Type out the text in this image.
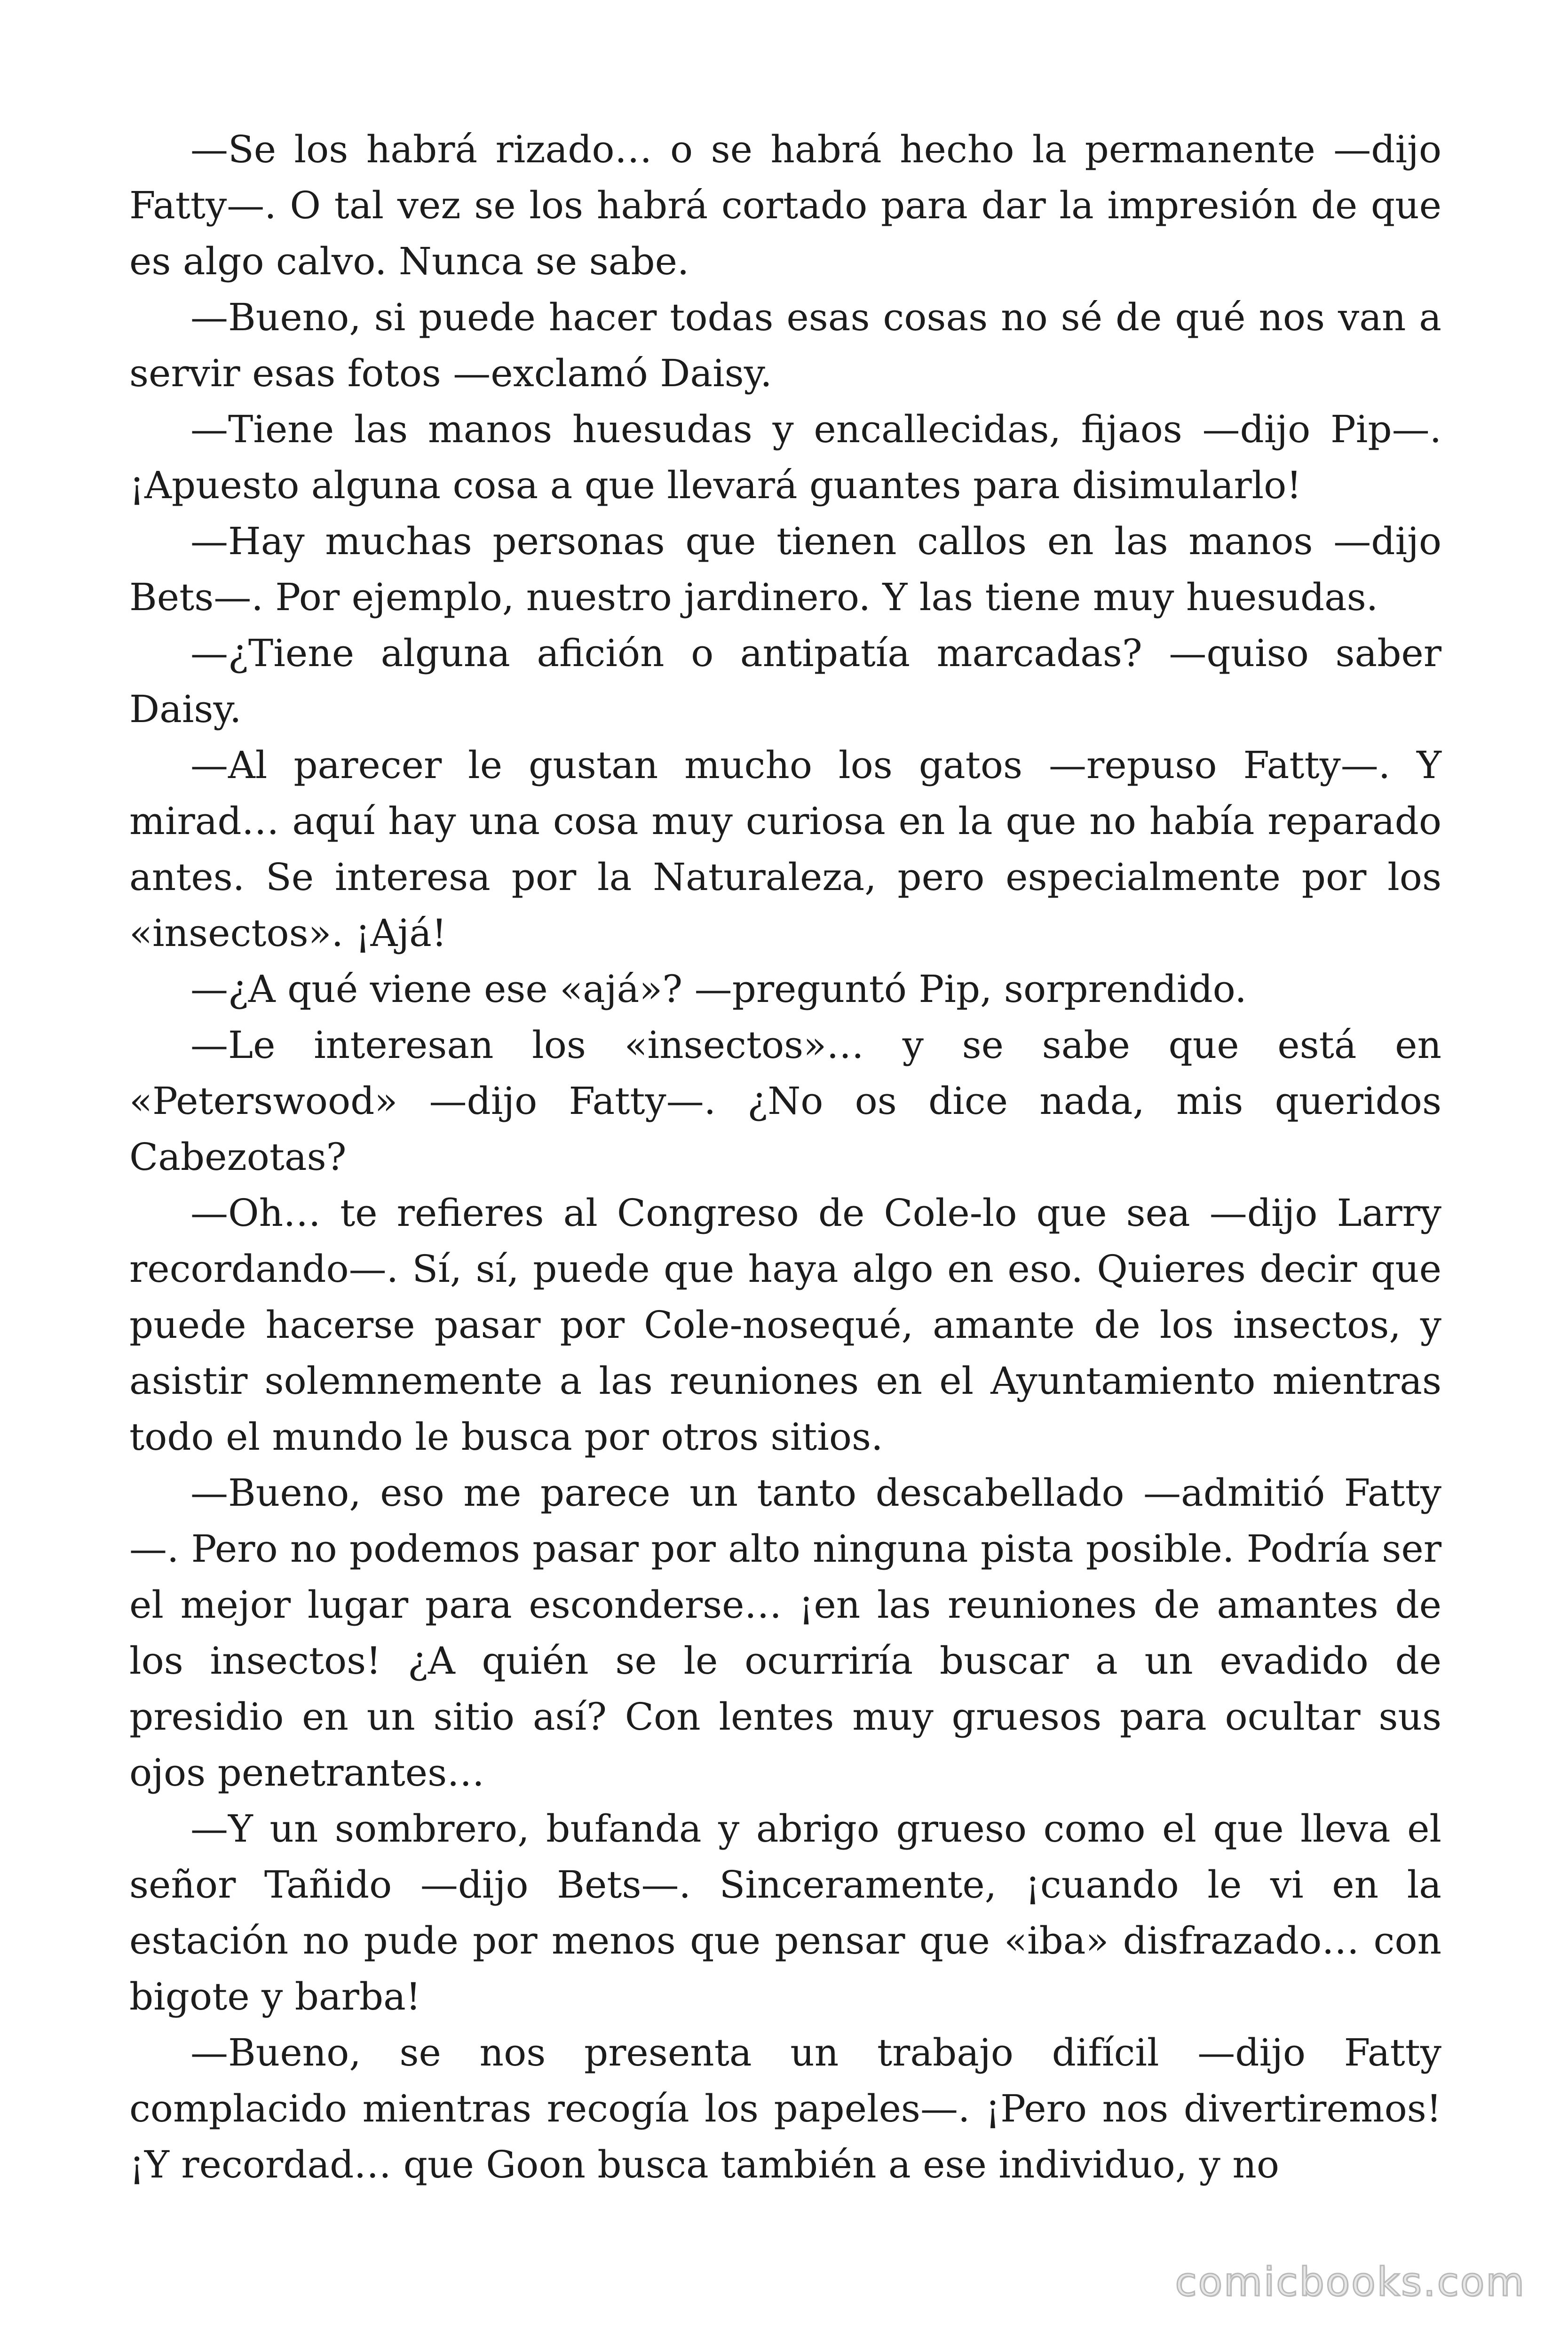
—Se los habrá rizado… o se habrá hecho la permanente —dijo Fatty—. O tal vez se los habrá cortado para dar la impresión de que es algo calvo. Nunca se sabe.

—Bueno, si puede hacer todas esas cosas no sé de qué nos van a servir esas fotos —exclamó Daisy.

—Tiene las manos huesudas y encallecidas, fijaos —dijo Pip—. ¡Apuesto alguna cosa a que llevará guantes para disimularlo!

—Hay muchas personas que tienen callos en las manos —dijo Bets—. Por ejemplo, nuestro jardinero. Y las tiene muy huesudas.

—¿Tiene alguna afición o antipatía marcadas? —quiso saber Daisy.

—Al parecer le gustan mucho los gatos —repuso Fatty—. Y mirad… aquí hay una cosa muy curiosa en la que no había reparado antes. Se interesa por la Naturaleza, pero especialmente por los «insectos». ¡Ajá!

—¿A qué viene ese «ajá»? —preguntó Pip, sorprendido.

—Le interesan los «insectos»… y se sabe que está en «Peterswood» —dijo Fatty—. ¿No os dice nada, mis queridos Cabezotas?

—Oh… te refieres al Congreso de Cole-lo que sea —dijo Larry recordando—. Sí, sí, puede que haya algo en eso. Quieres decir que puede hacerse pasar por Cole-nosequé, amante de los insectos, y asistir solemnemente a las reuniones en el Ayuntamiento mientras todo el mundo le busca por otros sitios.

—Bueno, eso me parece un tanto descabellado —admitió Fatty —. Pero no podemos pasar por alto ninguna pista posible. Podría ser el mejor lugar para esconderse… ¡en las reuniones de amantes de los insectos! ¿A quién se le ocurriría buscar a un evadido de presidio en un sitio así? Con lentes muy gruesos para ocultar sus ojos penetrantes…

—Y un sombrero, bufanda y abrigo grueso como el que lleva el señor Tañido —dijo Bets—. Sinceramente, ¡cuando le vi en la estación no pude por menos que pensar que «iba» disfrazado… con bigote y barba!

—Bueno, se nos presenta un trabajo difícil —dijo Fatty complacido mientras recogía los papeles—. ¡Pero nos divertiremos! ¡Y recordad… que Goon busca también a ese individuo, y no

comicbooks.com
